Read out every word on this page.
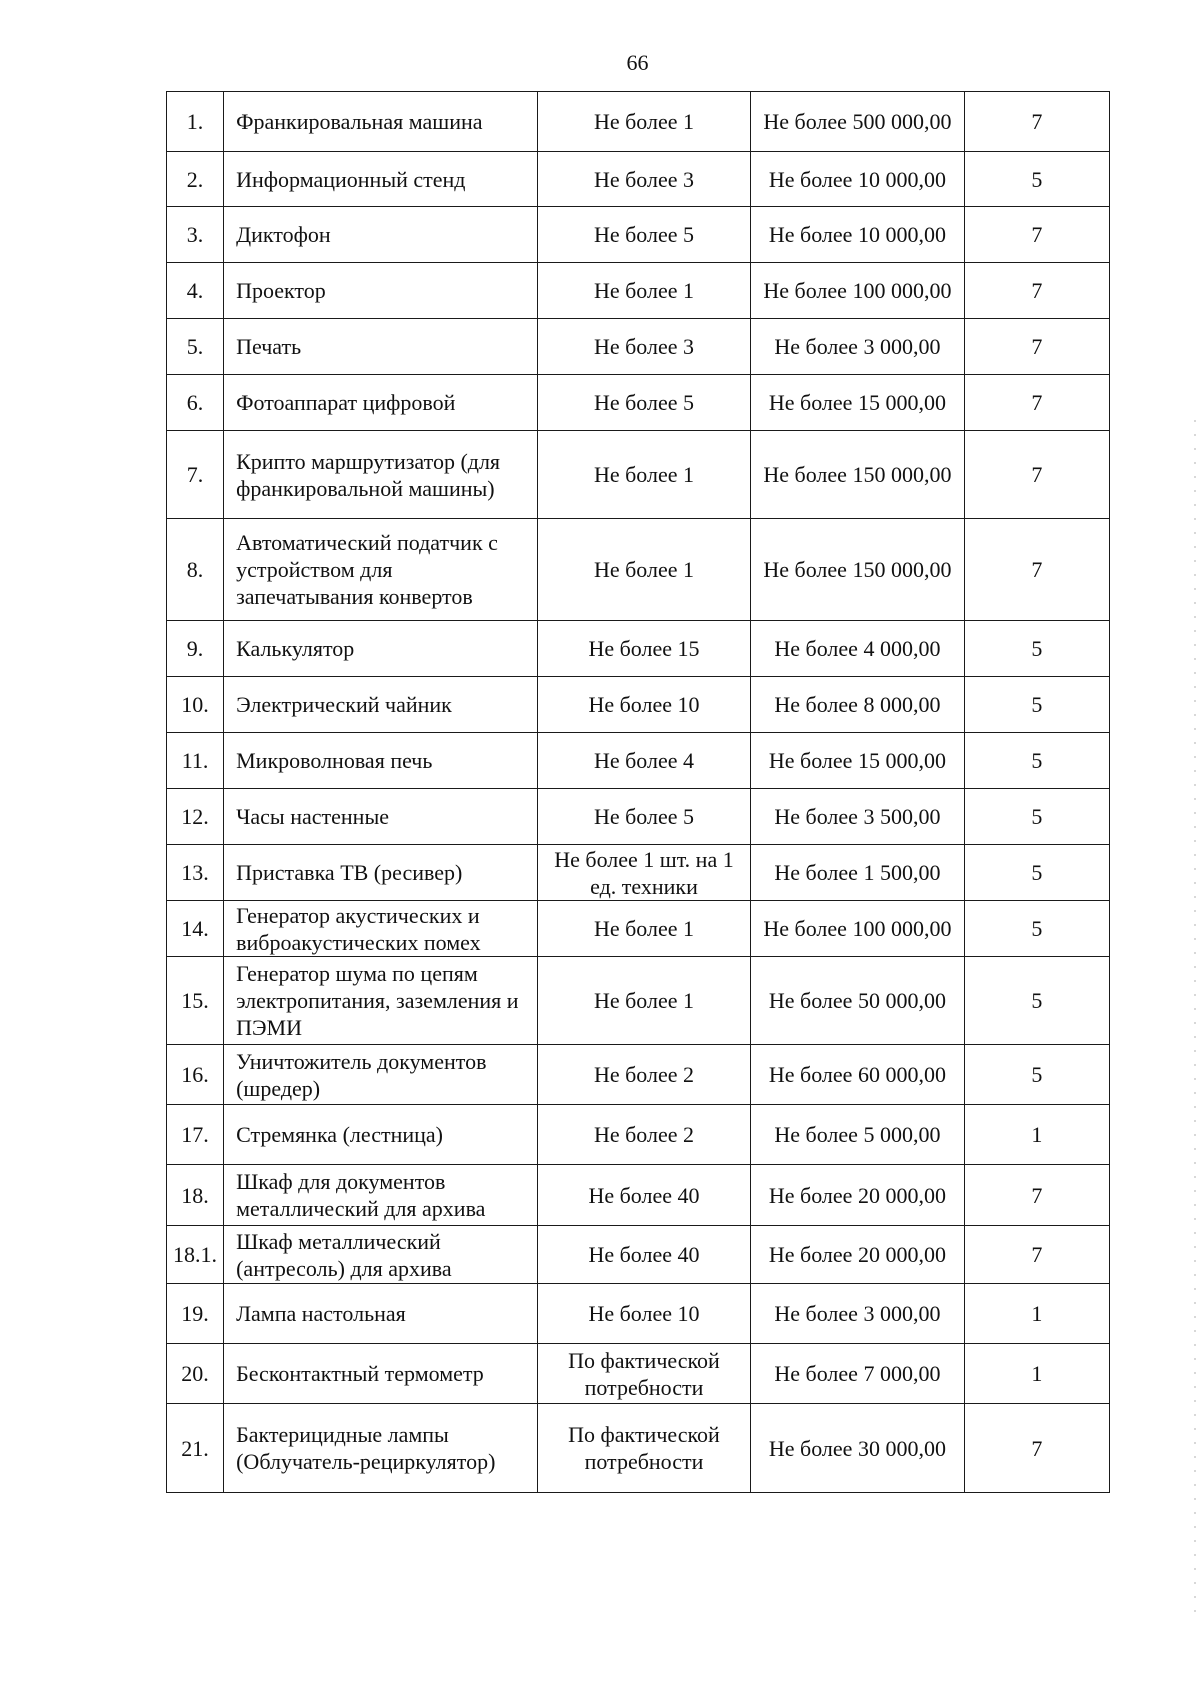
66
1.	Франкировальная машина	Не более 1	Не более 500 000,00	7
2.	Информационный стенд	Не более 3	Не более 10 000,00	5
3.	Диктофон	Не более 5	Не более 10 000,00	7
4.	Проектор	Не более 1	Не более 100 000,00	7
5.	Печать	Не более 3	Не более 3 000,00	7
6.	Фотоаппарат цифровой	Не более 5	Не более 15 000,00	7
7.	Крипто маршрутизатор (для франкировальной машины)	Не более 1	Не более 150 000,00	7
8.	Автоматический податчик с устройством для запечатывания конвертов	Не более 1	Не более 150 000,00	7
9.	Калькулятор	Не более 15	Не более 4 000,00	5
10.	Электрический чайник	Не более 10	Не более 8 000,00	5
11.	Микроволновая печь	Не более 4	Не более 15 000,00	5
12.	Часы настенные	Не более 5	Не более 3 500,00	5
13.	Приставка ТВ (ресивер)	Не более 1 шт. на 1 ед. техники	Не более 1 500,00	5
14.	Генератор акустических и виброакустических помех	Не более 1	Не более 100 000,00	5
15.	Генератор шума по цепям электропитания, заземления и ПЭМИ	Не более 1	Не более 50 000,00	5
16.	Уничтожитель документов (шредер)	Не более 2	Не более 60 000,00	5
17.	Стремянка (лестница)	Не более 2	Не более 5 000,00	1
18.	Шкаф для документов металлический для архива	Не более 40	Не более 20 000,00	7
18.1.	Шкаф металлический (антресоль) для архива	Не более 40	Не более 20 000,00	7
19.	Лампа настольная	Не более 10	Не более 3 000,00	1
20.	Бесконтактный термометр	По фактической потребности	Не более 7 000,00	1
21.	Бактерицидные лампы (Облучатель-рециркулятор)	По фактической потребности	Не более 30 000,00	7
